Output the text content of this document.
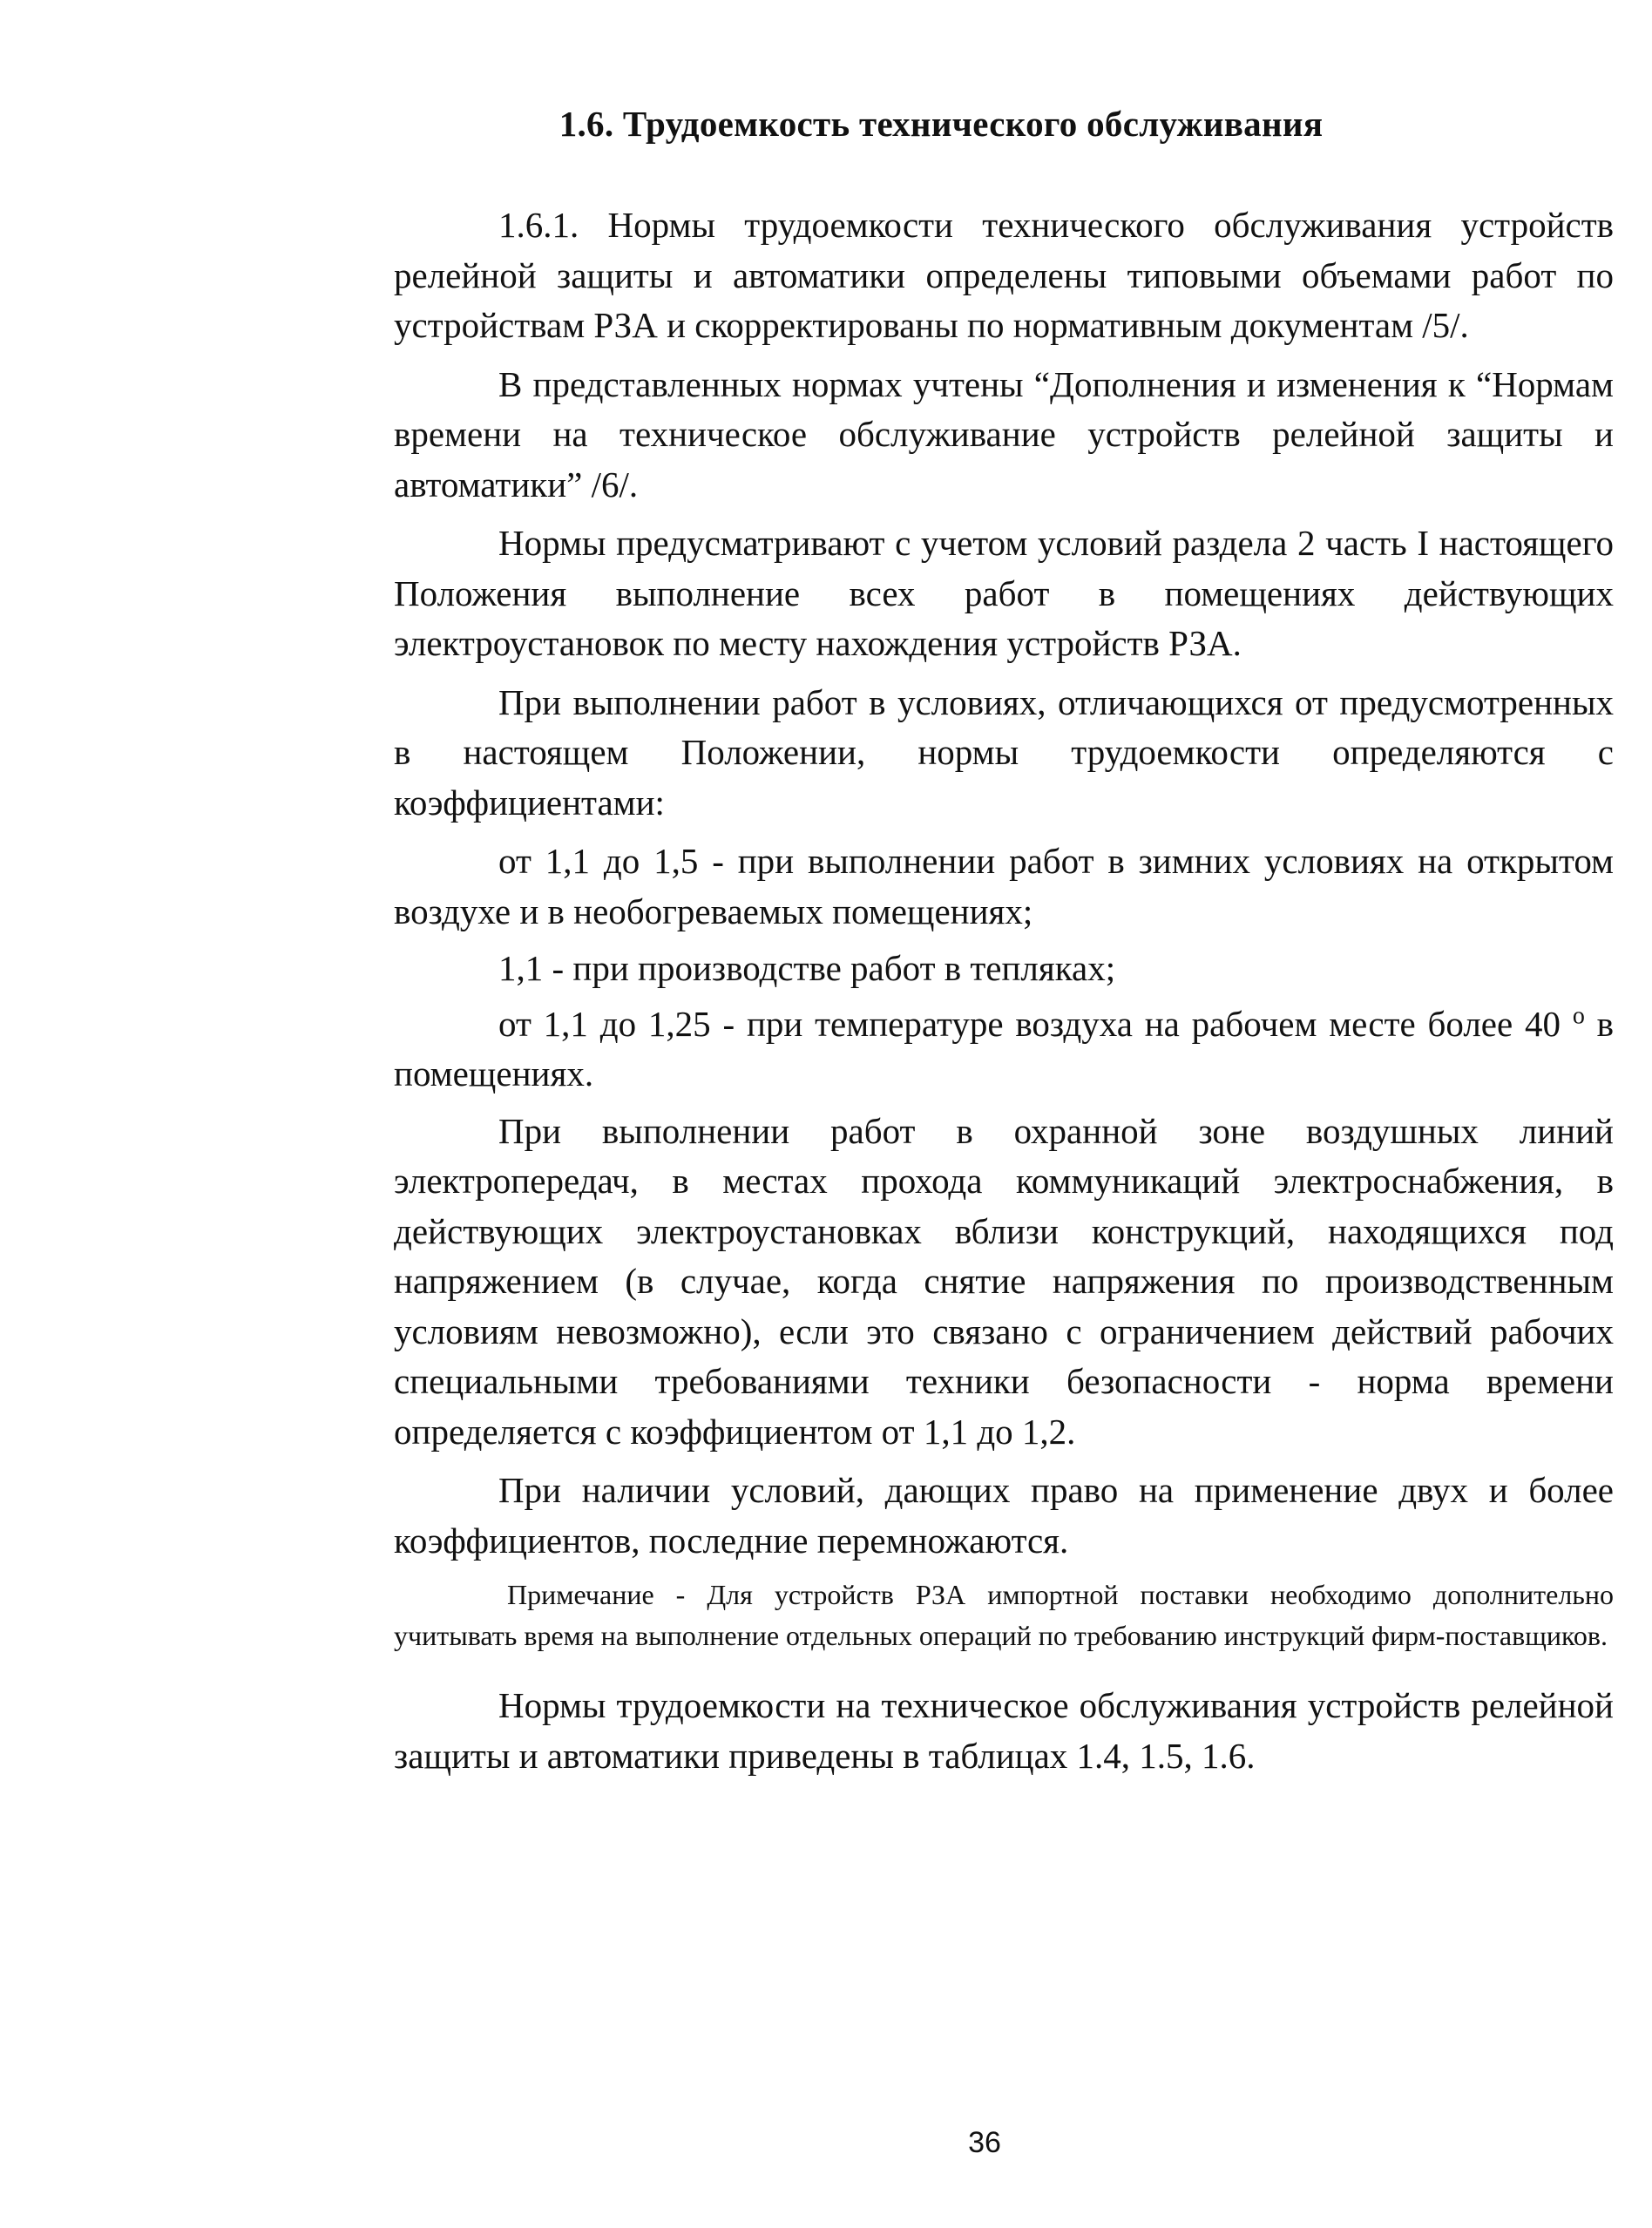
1.6. Трудоемкость технического обслуживания

1.6.1. Нормы трудоемкости технического обслуживания устройств релейной защиты и автоматики определены типовыми объемами работ по устройствам РЗА и скорректированы по нормативным документам /5/.

В представленных нормах учтены “Дополнения и изменения к “Нормам времени на техническое обслуживание устройств релейной защиты и автоматики” /6/.

Нормы предусматривают с учетом условий раздела 2 часть I настоящего Положения выполнение всех работ в помещениях действующих электроустановок по месту нахождения устройств РЗА.

При выполнении работ в условиях, отличающихся от предусмотренных в настоящем Положении, нормы трудоемкости определяются с коэффициентами:

от 1,1 до 1,5 - при выполнении работ в зимних условиях на открытом воздухе и в необогреваемых помещениях;

1,1 - при производстве работ в тепляках;

от 1,1 до 1,25 - при температуре воздуха на рабочем месте более 40 $^о$ в помещениях.

При выполнении работ в охранной зоне воздушных линий электропередач, в местах прохода коммуникаций электроснабжения, в действующих электроустановках вблизи конструкций, находящихся под напряжением (в случае, когда снятие напряжения по производственным условиям невозможно), если это связано с ограничением действий рабочих специальными требованиями техники безопасности - норма времени определяется с коэффициентом от 1,1 до 1,2.

При наличии условий, дающих право на применение двух и более коэффициентов, последние перемножаются.

Примечание - Для устройств РЗА импортной поставки необходимо дополнительно учитывать время на выполнение отдельных операций по требованию инструкций фирм-поставщиков.

Нормы трудоемкости на техническое обслуживания устройств релейной защиты и автоматики приведены в таблицах 1.4, 1.5, 1.6.

36
